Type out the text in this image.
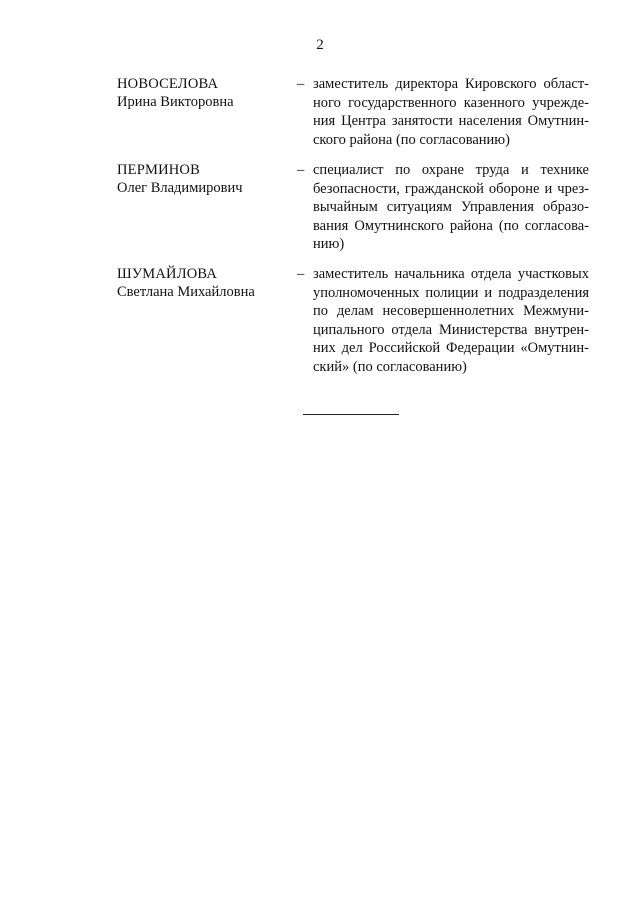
2
НОВОСЕЛОВА
Ирина Викторовна
– заместитель директора Кировского област-
ного государственного казенного учрежде-
ния Центра занятости населения Омутнин-
ского района (по согласованию)
ПЕРМИНОВ
Олег Владимирович
– специалист по охране труда и технике
безопасности, гражданской обороне и чрез-
вычайным ситуациям Управления образо-
вания Омутнинского района (по согласова-
нию)
ШУМАЙЛОВА
Светлана Михайловна
– заместитель начальника отдела участковых
уполномоченных полиции и подразделения
по делам несовершеннолетних Межмуни-
ципального отдела Министерства внутрен-
них дел Российской Федерации «Омутнин-
ский» (по согласованию)
